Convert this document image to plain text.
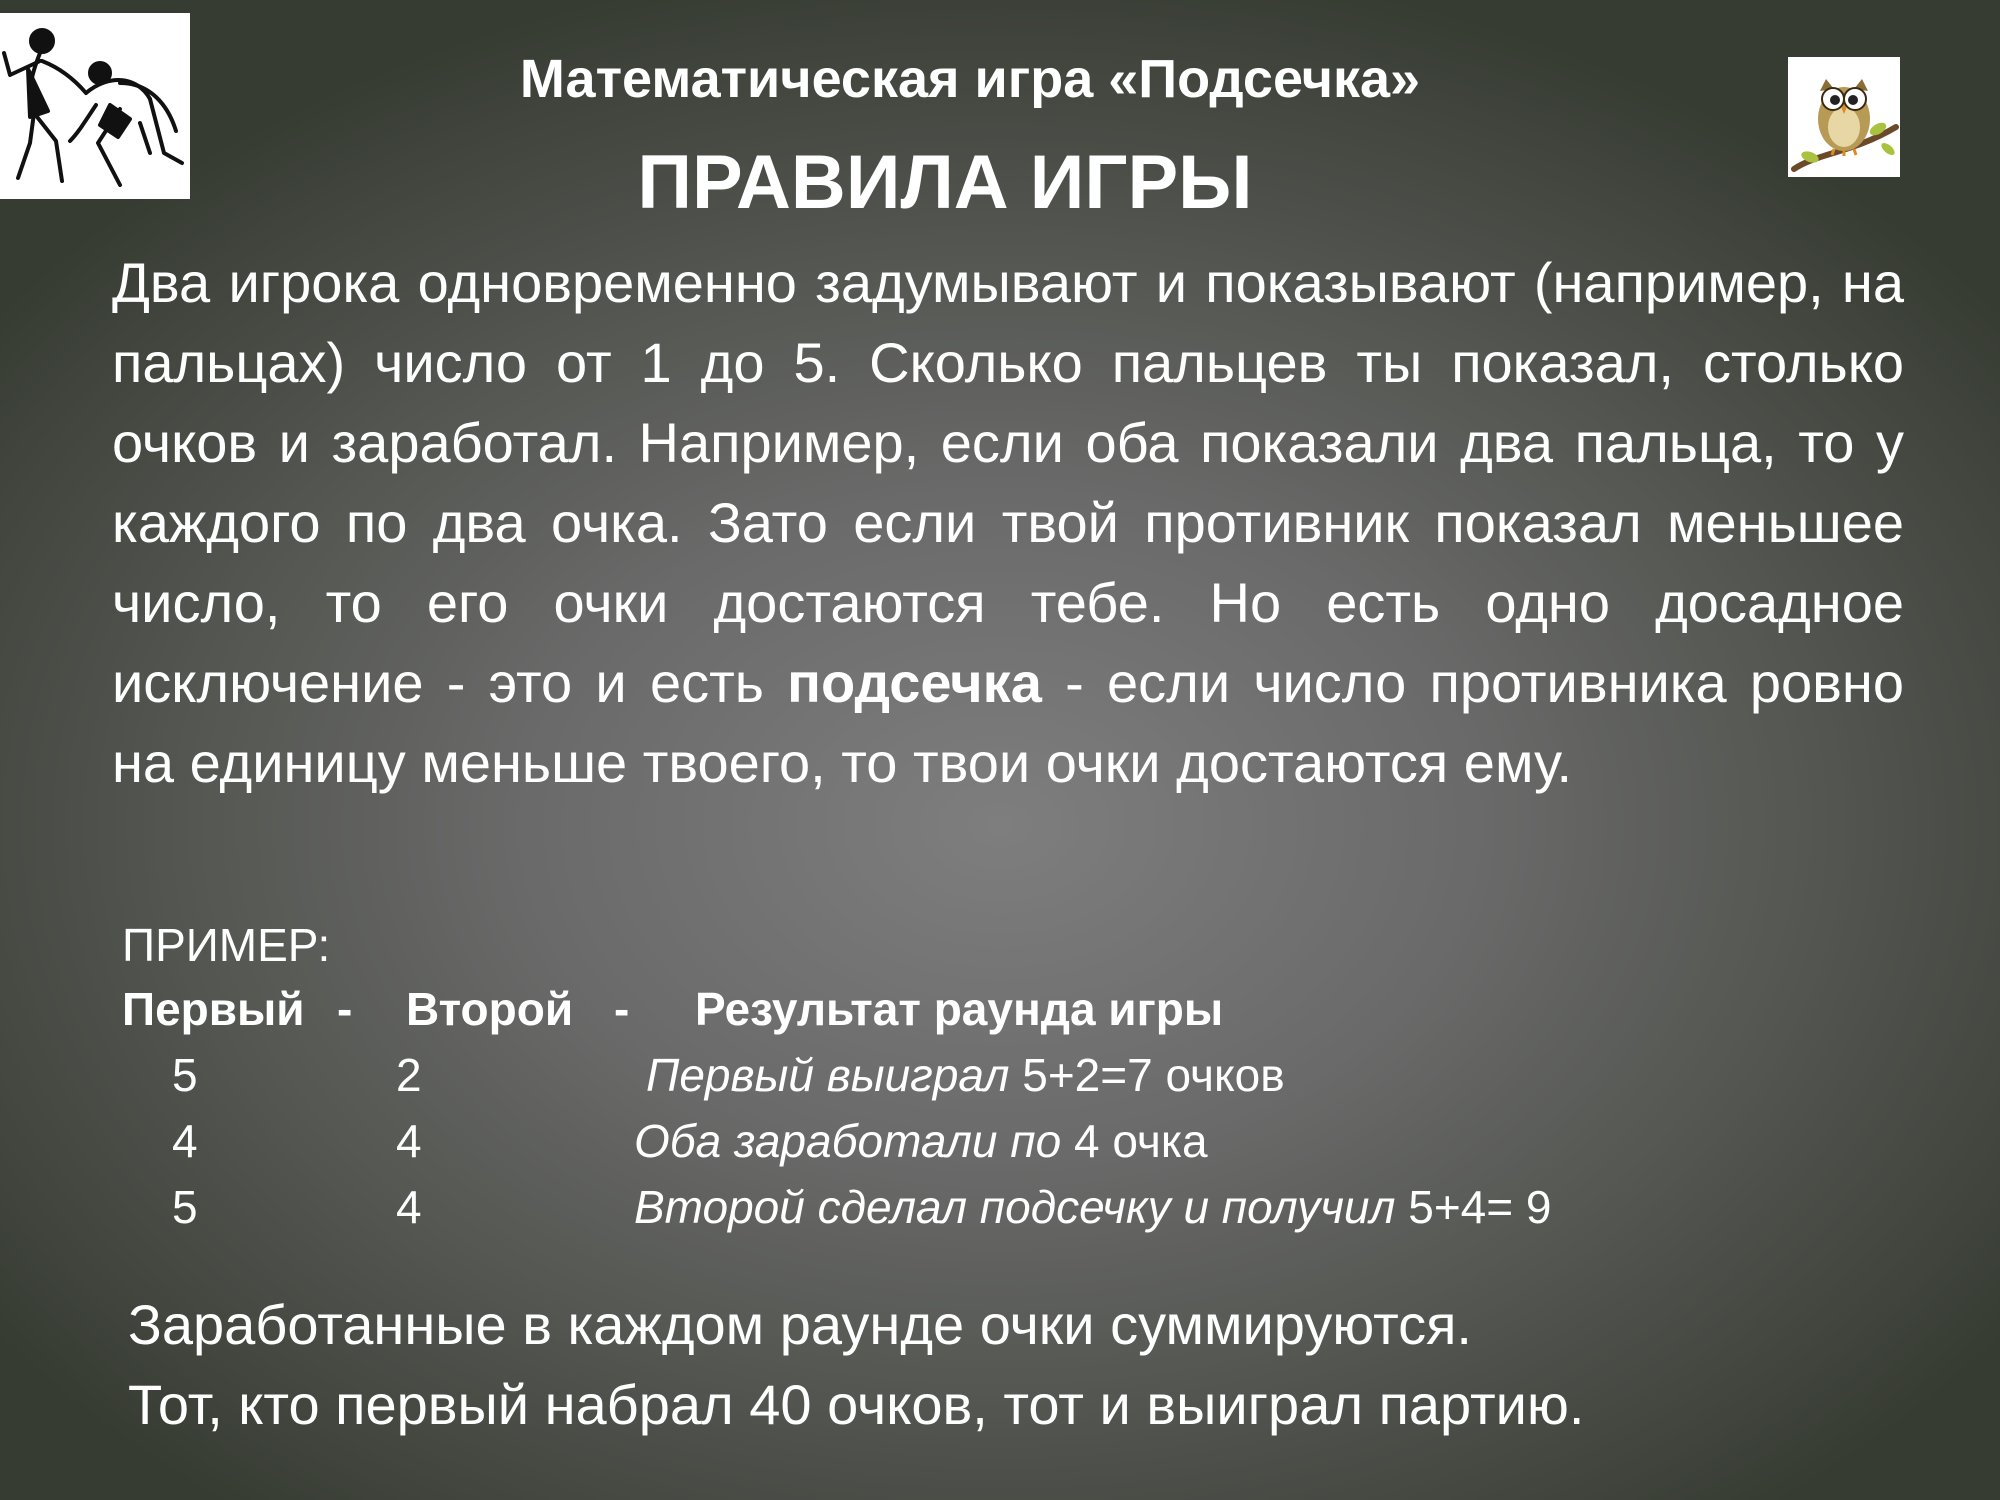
Математическая игра «Подсечка»
ПРАВИЛА ИГРЫ
Два игрока одновременно задумывают и показывают (например, на пальцах) число от 1 до 5. Сколько пальцев ты показал, столько очков и заработал. Например, если оба показали два пальца, то у каждого по два очка. Зато если твой противник показал меньшее число, то его очки достаются тебе. Но есть одно досадное исключение - это и есть подсечка - если число противника ровно на единицу меньше твоего, то твои очки достаются ему.
ПРИМЕР:
Первый - Второй - Результат раунда игры
5	2	Первый выиграл 5+2=7 очков
4	4	Оба заработали по 4 очка
5	4	Второй сделал подсечку и получил 5+4= 9
Заработанные в каждом раунде очки суммируются.
Тот, кто первый набрал 40 очков, тот и выиграл партию.
